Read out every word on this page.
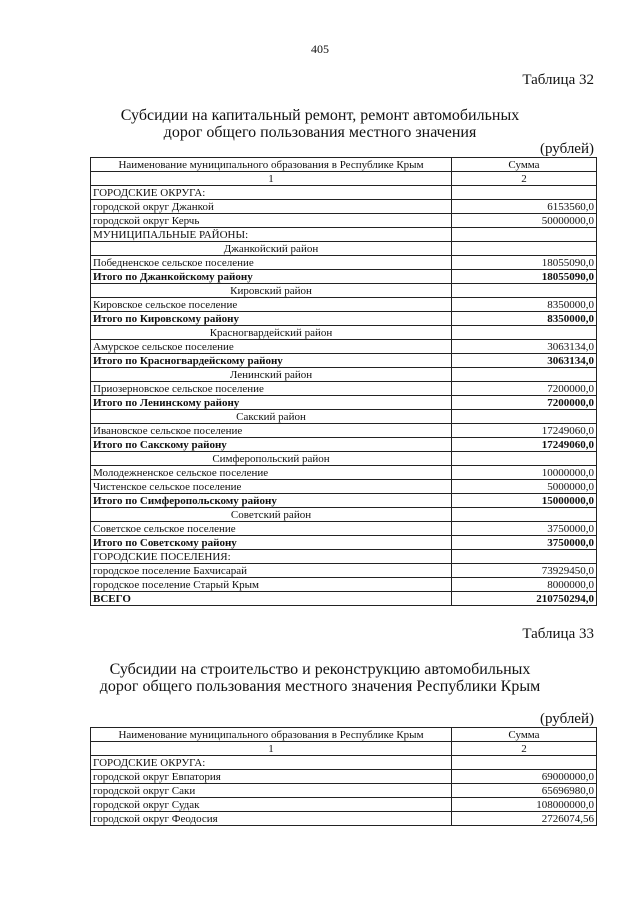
405
Таблица 32
Субсидии на капитальный ремонт, ремонт автомобильных
дорог общего пользования местного значения
(рублей)
Наименование муниципального образования в Республике Крым	Сумма
1	2
ГОРОДСКИЕ ОКРУГА:	
городской округ Джанкой	6153560,0
городской округ Керчь	50000000,0
МУНИЦИПАЛЬНЫЕ РАЙОНЫ:	
Джанкойский район	
Победненское сельское поселение	18055090,0
Итого по Джанкойскому району	18055090,0
Кировский район	
Кировское сельское поселение	8350000,0
Итого по Кировскому району	8350000,0
Красногвардейский район	
Амурское сельское поселение	3063134,0
Итого по Красногвардейскому району	3063134,0
Ленинский район	
Приозерновское сельское поселение	7200000,0
Итого по Ленинскому району	7200000,0
Сакский район	
Ивановское сельское поселение	17249060,0
Итого по Сакскому району	17249060,0
Симферопольский район	
Молодежненское сельское поселение	10000000,0
Чистенское сельское поселение	5000000,0
Итого по Симферопольскому району	15000000,0
Советский район	
Советское сельское поселение	3750000,0
Итого по Советскому району	3750000,0
ГОРОДСКИЕ ПОСЕЛЕНИЯ:	
городское поселение Бахчисарай	73929450,0
городское поселение Старый Крым	8000000,0
ВСЕГО	210750294,0
Таблица 33
Субсидии на строительство и реконструкцию автомобильных
дорог общего пользования местного значения Республики Крым
(рублей)
Наименование муниципального образования в Республике Крым	Сумма
1	2
ГОРОДСКИЕ ОКРУГА:	
городской округ Евпатория	69000000,0
городской округ Саки	65696980,0
городской округ Судак	108000000,0
городской округ Феодосия	2726074,56
